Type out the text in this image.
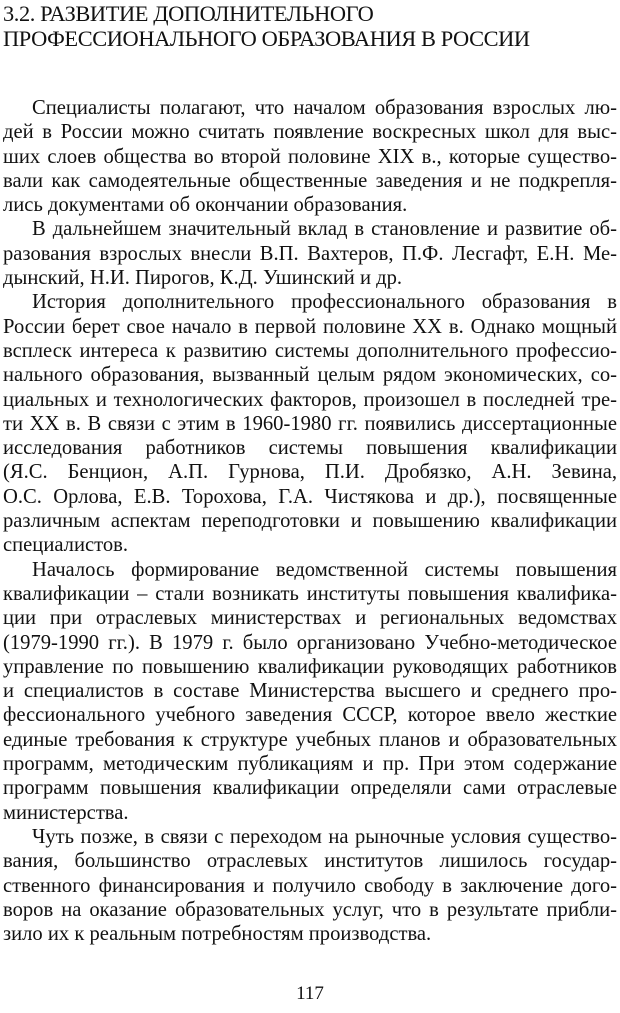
3.2. РАЗВИТИЕ ДОПОЛНИТЕЛЬНОГО
ПРОФЕССИОНАЛЬНОГО ОБРАЗОВАНИЯ В РОССИИ

Специалисты полагают, что началом образования взрослых лю-
дей в России можно считать появление воскресных школ для выс-
ших слоев общества во второй половине XIX в., которые существо-
вали как самодеятельные общественные заведения и не подкрепля-
лись документами об окончании образования.

В дальнейшем значительный вклад в становление и развитие об-
разования взрослых внесли В.П. Вахтеров, П.Ф. Лесгафт, Е.Н. Ме-
дынский, Н.И. Пирогов, К.Д. Ушинский и др.

История дополнительного профессионального образования в
России берет свое начало в первой половине XX в. Однако мощный
всплеск интереса к развитию системы дополнительного профессио-
нального образования, вызванный целым рядом экономических, со-
циальных и технологических факторов, произошел в последней тре-
ти XX в. В связи с этим в 1960-1980 гг. появились диссертационные
исследования работников системы повышения квалификации
(Я.С. Бенцион, А.П. Гурнова, П.И. Дробязко, А.Н. Зевина,
О.С. Орлова, Е.В. Торохова, Г.А. Чистякова и др.), посвященные
различным аспектам переподготовки и повышению квалификации
специалистов.

Началось формирование ведомственной системы повышения
квалификации – стали возникать институты повышения квалифика-
ции при отраслевых министерствах и региональных ведомствах
(1979-1990 гг.). В 1979 г. было организовано Учебно-методическое
управление по повышению квалификации руководящих работников
и специалистов в составе Министерства высшего и среднего про-
фессионального учебного заведения СССР, которое ввело жесткие
единые требования к структуре учебных планов и образовательных
программ, методическим публикациям и пр. При этом содержание
программ повышения квалификации определяли сами отраслевые
министерства.

Чуть позже, в связи с переходом на рыночные условия существо-
вания, большинство отраслевых институтов лишилось государ-
ственного финансирования и получило свободу в заключение дого-
воров на оказание образовательных услуг, что в результате прибли-
зило их к реальным потребностям производства.

117
